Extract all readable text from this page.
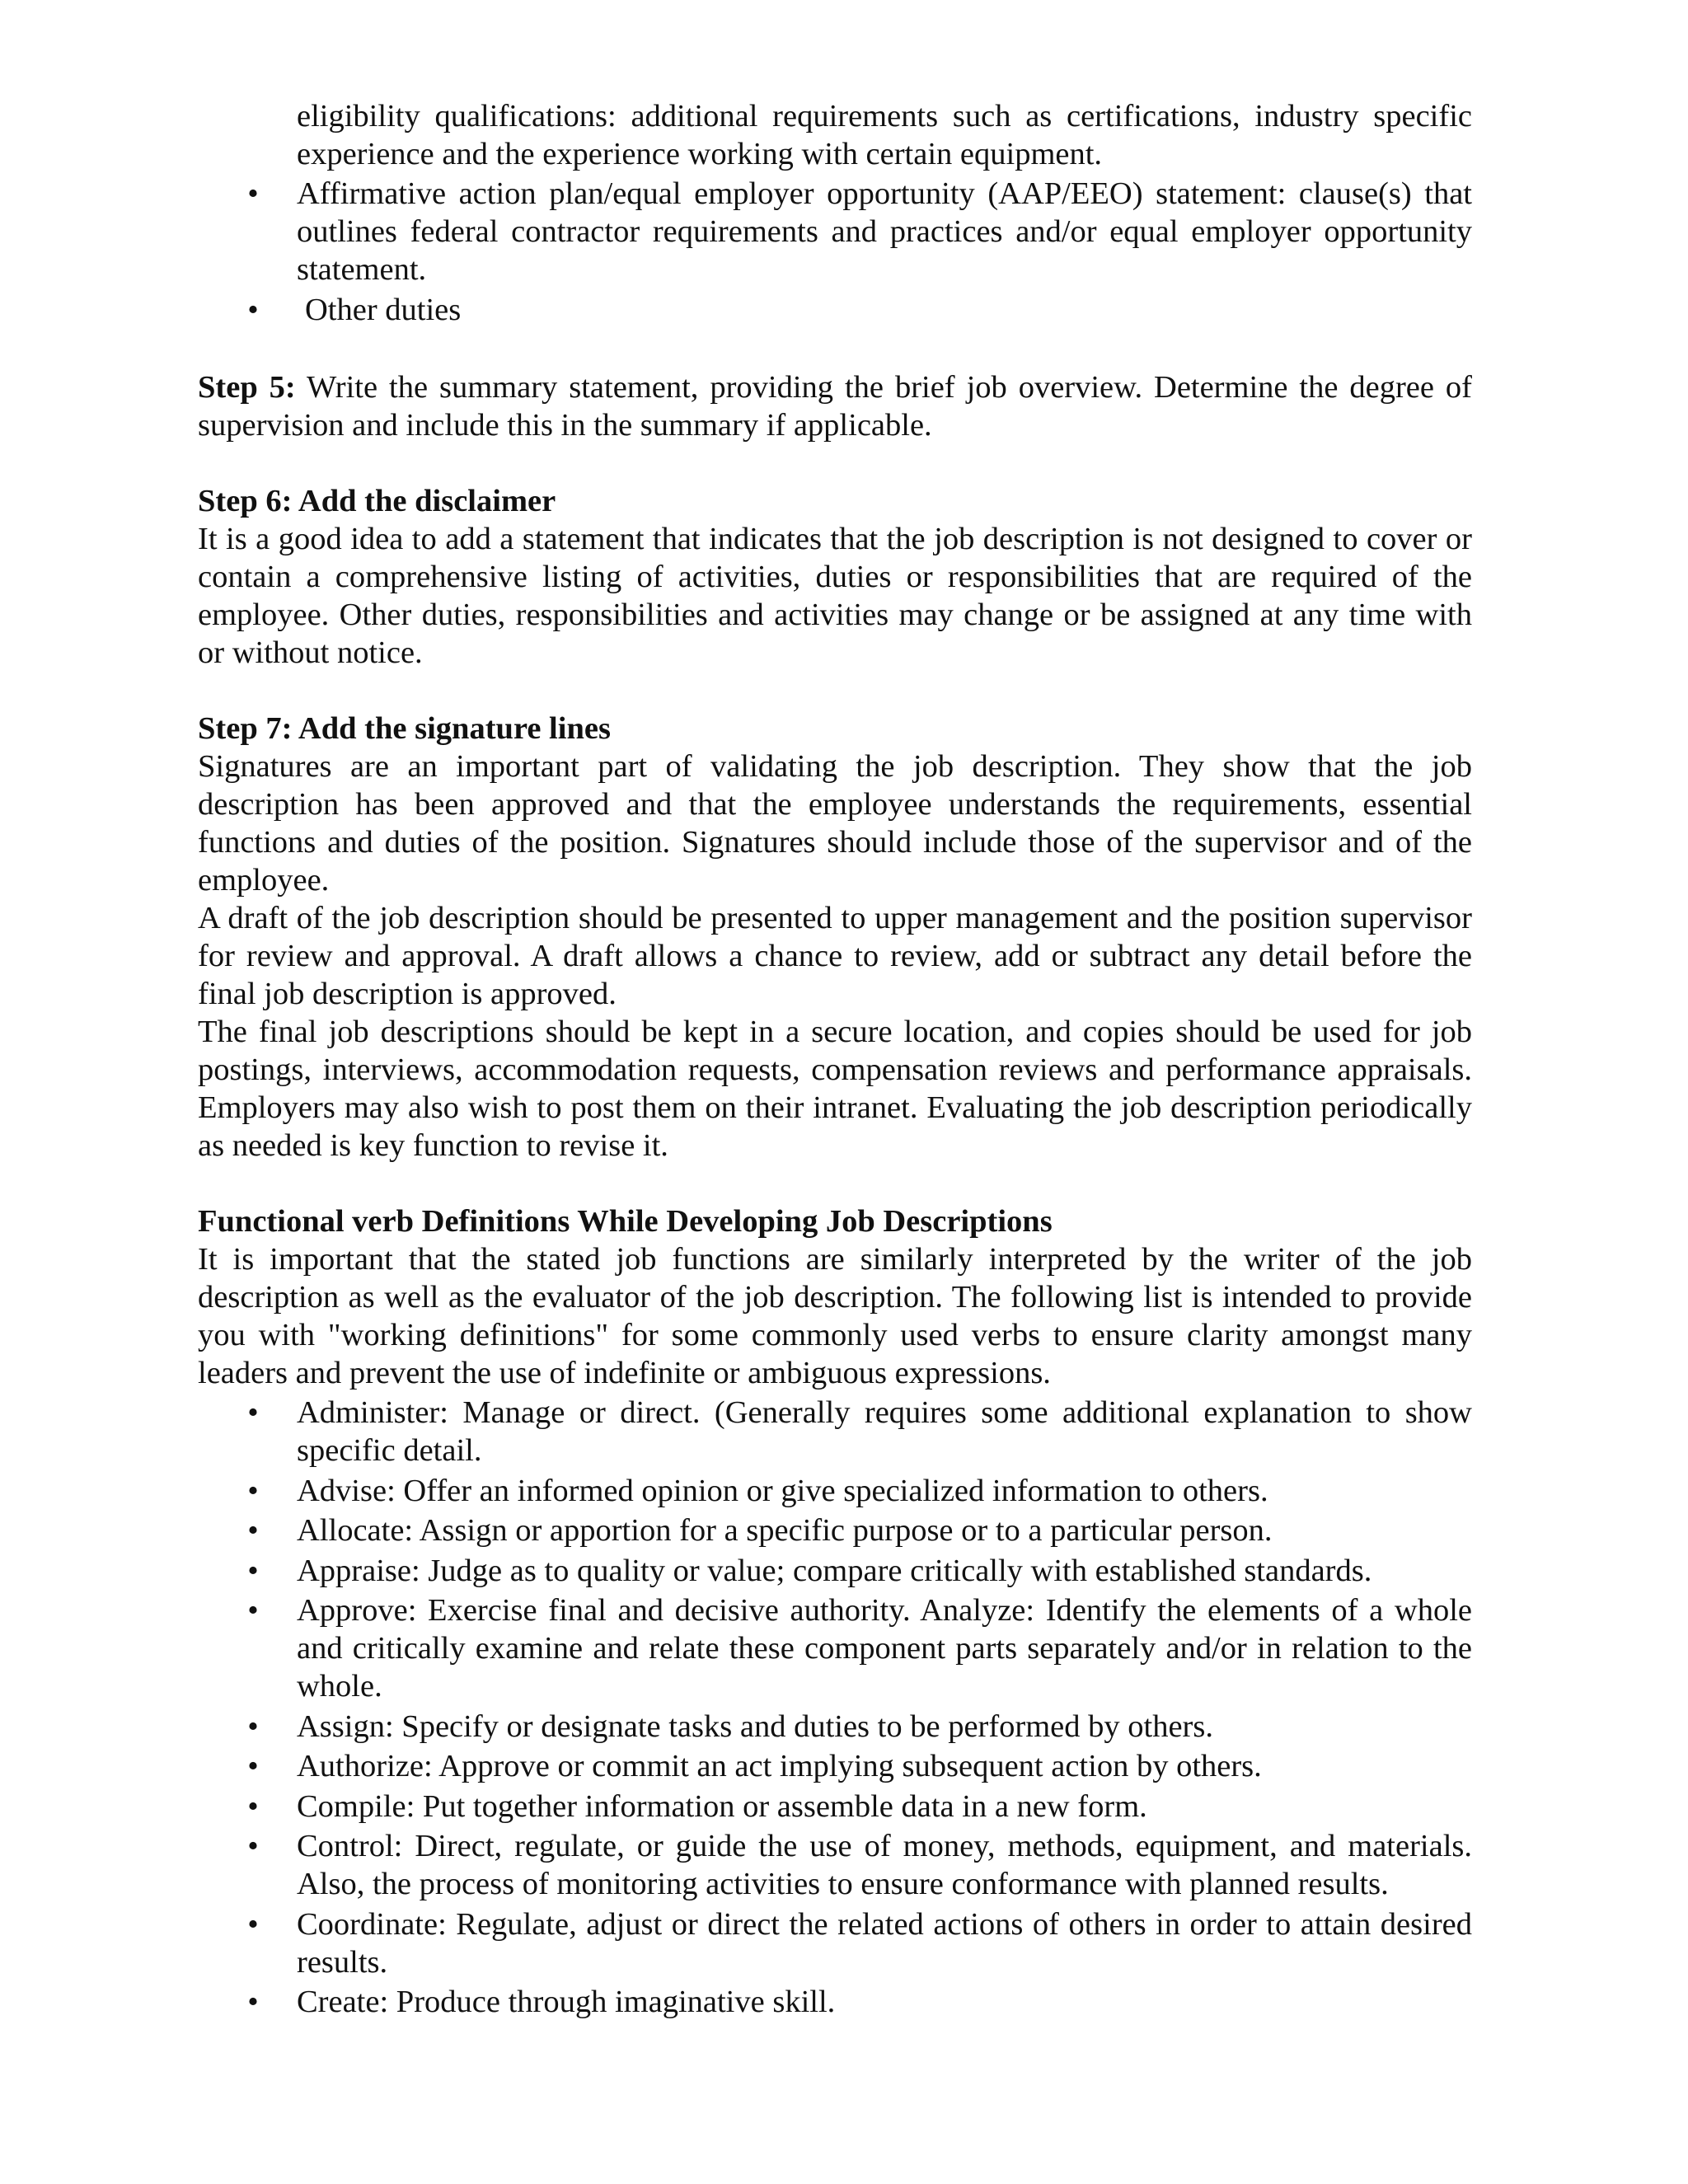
eligibility qualifications: additional requirements such as certifications, industry specific experience and the experience working with certain equipment.
• Affirmative action plan/equal employer opportunity (AAP/EEO) statement: clause(s) that outlines federal contractor requirements and practices and/or equal employer opportunity statement.
• Other duties

Step 5: Write the summary statement, providing the brief job overview. Determine the degree of supervision and include this in the summary if applicable.

Step 6: Add the disclaimer

It is a good idea to add a statement that indicates that the job description is not designed to cover or contain a comprehensive listing of activities, duties or responsibilities that are required of the employee. Other duties, responsibilities and activities may change or be assigned at any time with or without notice.

Step 7: Add the signature lines

Signatures are an important part of validating the job description. They show that the job description has been approved and that the employee understands the requirements, essential functions and duties of the position. Signatures should include those of the supervisor and of the employee.

A draft of the job description should be presented to upper management and the position supervisor for review and approval. A draft allows a chance to review, add or subtract any detail before the final job description is approved.

The final job descriptions should be kept in a secure location, and copies should be used for job postings, interviews, accommodation requests, compensation reviews and performance appraisals. Employers may also wish to post them on their intranet. Evaluating the job description periodically as needed is key function to revise it.

Functional verb Definitions While Developing Job Descriptions

It is important that the stated job functions are similarly interpreted by the writer of the job description as well as the evaluator of the job description. The following list is intended to provide you with "working definitions" for some commonly used verbs to ensure clarity amongst many leaders and prevent the use of indefinite or ambiguous expressions.

• Administer: Manage or direct. (Generally requires some additional explanation to show specific detail.
• Advise: Offer an informed opinion or give specialized information to others.
• Allocate: Assign or apportion for a specific purpose or to a particular person.
• Appraise: Judge as to quality or value; compare critically with established standards.
• Approve: Exercise final and decisive authority. Analyze: Identify the elements of a whole and critically examine and relate these component parts separately and/or in relation to the whole.
• Assign: Specify or designate tasks and duties to be performed by others.
• Authorize: Approve or commit an act implying subsequent action by others.
• Compile: Put together information or assemble data in a new form.
• Control: Direct, regulate, or guide the use of money, methods, equipment, and materials. Also, the process of monitoring activities to ensure conformance with planned results.
• Coordinate: Regulate, adjust or direct the related actions of others in order to attain desired results.
• Create: Produce through imaginative skill.
